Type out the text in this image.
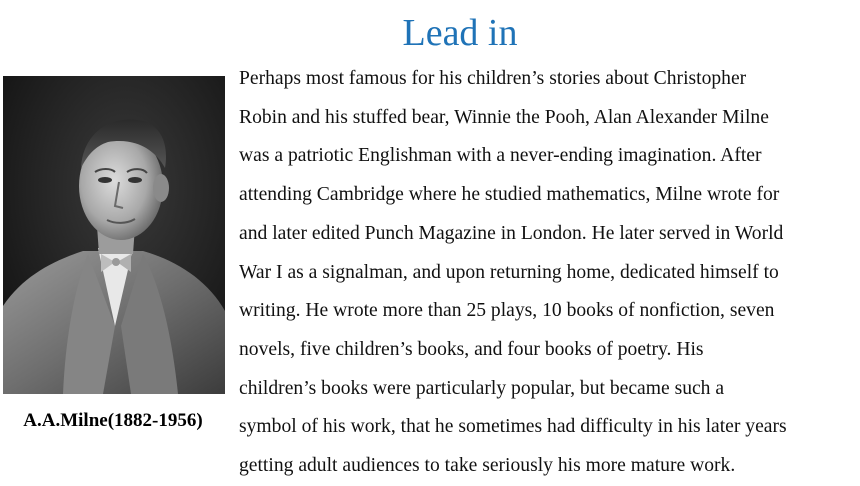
Lead in
A.A.Milne(1882-1956)
Perhaps most famous for his children’s stories about Christopher
Robin and his stuffed bear, Winnie the Pooh, Alan Alexander Milne
was a patriotic Englishman with a never-ending imagination. After
attending Cambridge where he studied mathematics, Milne wrote for
and later edited Punch Magazine in London. He later served in World
War I as a signalman, and upon returning home, dedicated himself to
writing. He wrote more than 25 plays, 10 books of nonfiction, seven
novels, five children’s books, and four books of poetry. His
children’s books were particularly popular, but became such a
symbol of his work, that he sometimes had difficulty in his later years
getting adult audiences to take seriously his more mature work.
